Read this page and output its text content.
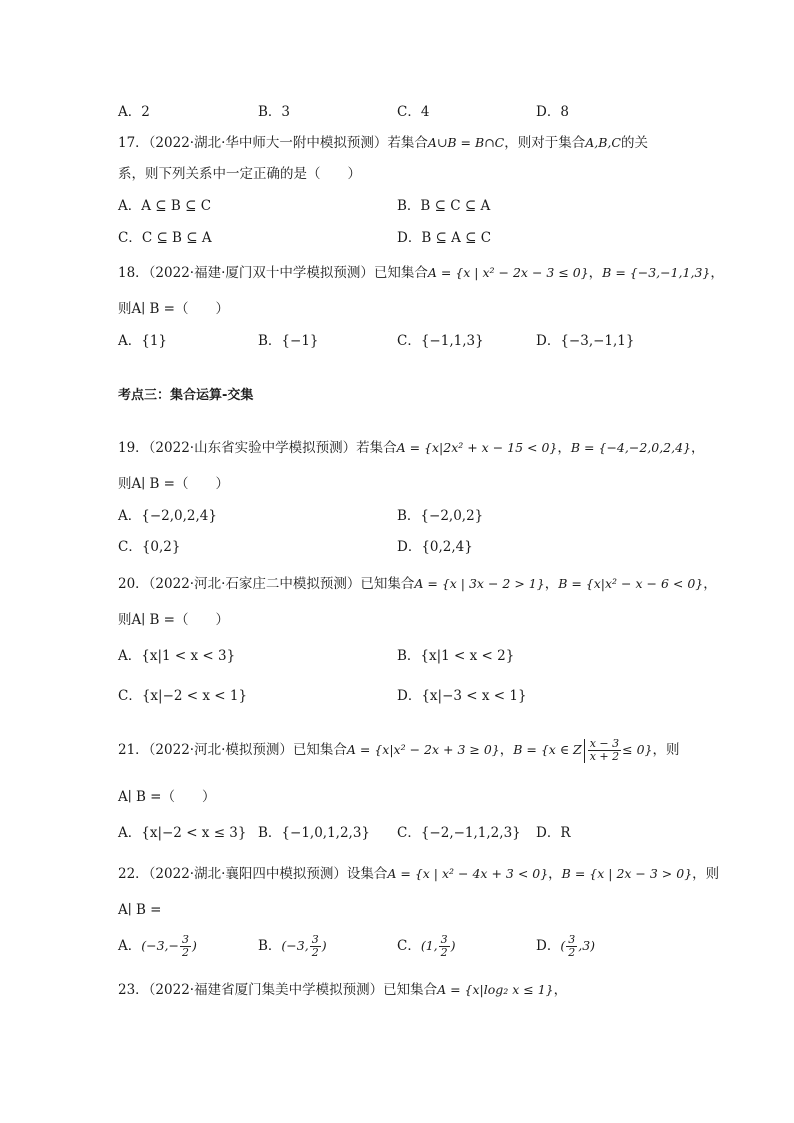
A．2	B．3	C．4	D．8
17．（2022·湖北·华中师大一附中模拟预测）若集合A∪B = B∩C，则对于集合A,B,C的关
系，则下列关系中一定正确的是（　　）
A．A ⊆ B ⊆ C	B．B ⊆ C ⊆ A
C．C ⊆ B ⊆ A	D．B ⊆ A ⊆ C
18．（2022·福建·厦门双十中学模拟预测）已知集合A = {x | x² − 2x − 3 ≤ 0}，B = {−3,−1,1,3}，
则A∣ B =（　　）
A．{1}	B．{−1}	C．{−1,1,3}	D．{−3,−1,1}
考点三：集合运算-交集
19．（2022·山东省实验中学模拟预测）若集合A = {x|2x² + x − 15 < 0}，B = {−4,−2,0,2,4}，
则A∣ B =（　　）
A．{−2,0,2,4}	B．{−2,0,2}
C．{0,2}	D．{0,2,4}
20．（2022·河北·石家庄二中模拟预测）已知集合A = {x | 3x − 2 > 1}，B = {x|x² − x − 6 < 0}，
则A∣ B =（　　）
A．{x|1 < x < 3}	B．{x|1 < x < 2}
C．{x|−2 < x < 1}	D．{x|−3 < x < 1}
21．（2022·河北·模拟预测）已知集合A = {x|x² − 2x + 3 ≥ 0}，B = {x ∈ Z $\frac{x - 3}{x + 2} \le 0$}，则
A∣ B =（　　）
A．{x|−2 < x ≤ 3} B．{−1,0,1,2,3} C．{−2,−1,1,2,3} D．R
22．（2022·湖北·襄阳四中模拟预测）设集合A = {x | x² − 4x + 3 < 0}，B = {x | 2x − 3 > 0}，则
A∣ B =
A．($-3,- \frac{3}{2}$ )	B．(−3, $\frac{3}{2}$ )	C．(1, $\frac{3}{2}$ )	D．( $\frac{3}{2} ,3$)
23．（2022·福建省厦门集美中学模拟预测）已知集合A = {x|log₂ x ≤ 1}，
